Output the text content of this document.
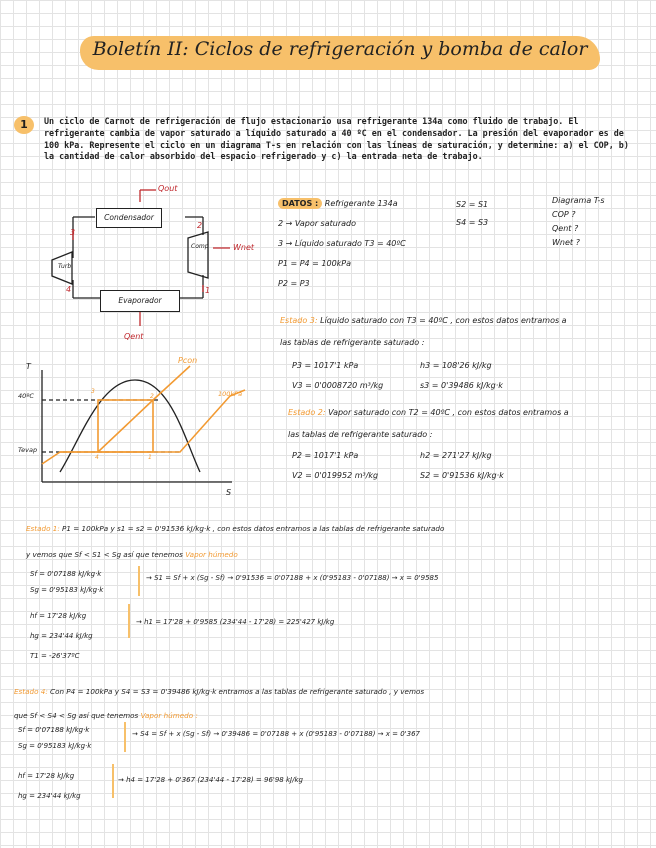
Boletín II: Ciclos de refrigeración y bomba de calor
1	Un ciclo de Carnot de refrigeración de flujo estacionario usa refrigerante 134a como fluido de trabajo. El refrigerante cambia de vapor saturado a líquido saturado a 40 ºC en el condensador. La presión del evaporador es de 100 kPa. Represente el ciclo en un diagrama T-s en relación con las líneas de saturación, y determine: a) el COP, b) la cantidad de calor absorbido del espacio refrigerado y c) la entrada neta de trabajo.
Condensador
Evaporador
Turb
Comp
Qout
Wnet
Qent
1
2
3
4
T
S
40ºC
Tevap
Pcon
100kPa
3
2
4	1
DATOS : Refrigerante 134a
2 → Vapor saturado
3 → Líquido saturado T3 = 40ºC
P1 = P4 = 100kPa
P2 = P3
S2 = S1
S4 = S3
Diagrama T-s
COP ?
Qent ?
Wnet ?
Estado 3: Líquido saturado con T3 = 40ºC , con estos datos entramos a
las tablas de refrigerante saturado :
P3 = 1017'1 kPa
V3 = 0'0008720 m³/kg
h3 = 108'26 kJ/kg
s3 = 0'39486 kJ/kg·k
Estado 2: Vapor saturado con T2 = 40ºC , con estos datos entramos a
las tablas de refrigerante saturado :
P2 = 1017'1 kPa
V2 = 0'019952 m³/kg
h2 = 271'27 kJ/kg
S2 = 0'91536 kJ/kg·k
Estado 1: P1 = 100kPa y s1 = s2 = 0'91536 kJ/kg·k , con estos datos entramos a las tablas de refrigerante saturado
y vemos que Sf < S1 < Sg así que tenemos Vapor húmedo
Sf = 0'07188 kJ/kg·k
Sg = 0'95183 kJ/kg·k
→ S1 = Sf + x (Sg - Sf) → 0'91536 = 0'07188 + x (0'95183 - 0'07188) → x = 0'9585
hf = 17'28 kJ/kg
hg = 234'44 kJ/kg
T1 = -26'37ºC
→ h1 = 17'28 + 0'9585 (234'44 - 17'28) = 225'427 kJ/kg
Estado 4: Con P4 = 100kPa y S4 = S3 = 0'39486 kJ/kg·k entramos a las tablas de refrigerante saturado , y vemos
que Sf < S4 < Sg así que tenemos Vapor húmedo :
Sf = 0'07188 kJ/kg·k
Sg = 0'95183 kJ/kg·k
→ S4 = Sf + x (Sg - Sf) → 0'39486 = 0'07188 + x (0'95183 - 0'07188) → x = 0'367
hf = 17'28 kJ/kg
hg = 234'44 kJ/kg
→ h4 = 17'28 + 0'367 (234'44 - 17'28) = 96'98 kJ/kg
